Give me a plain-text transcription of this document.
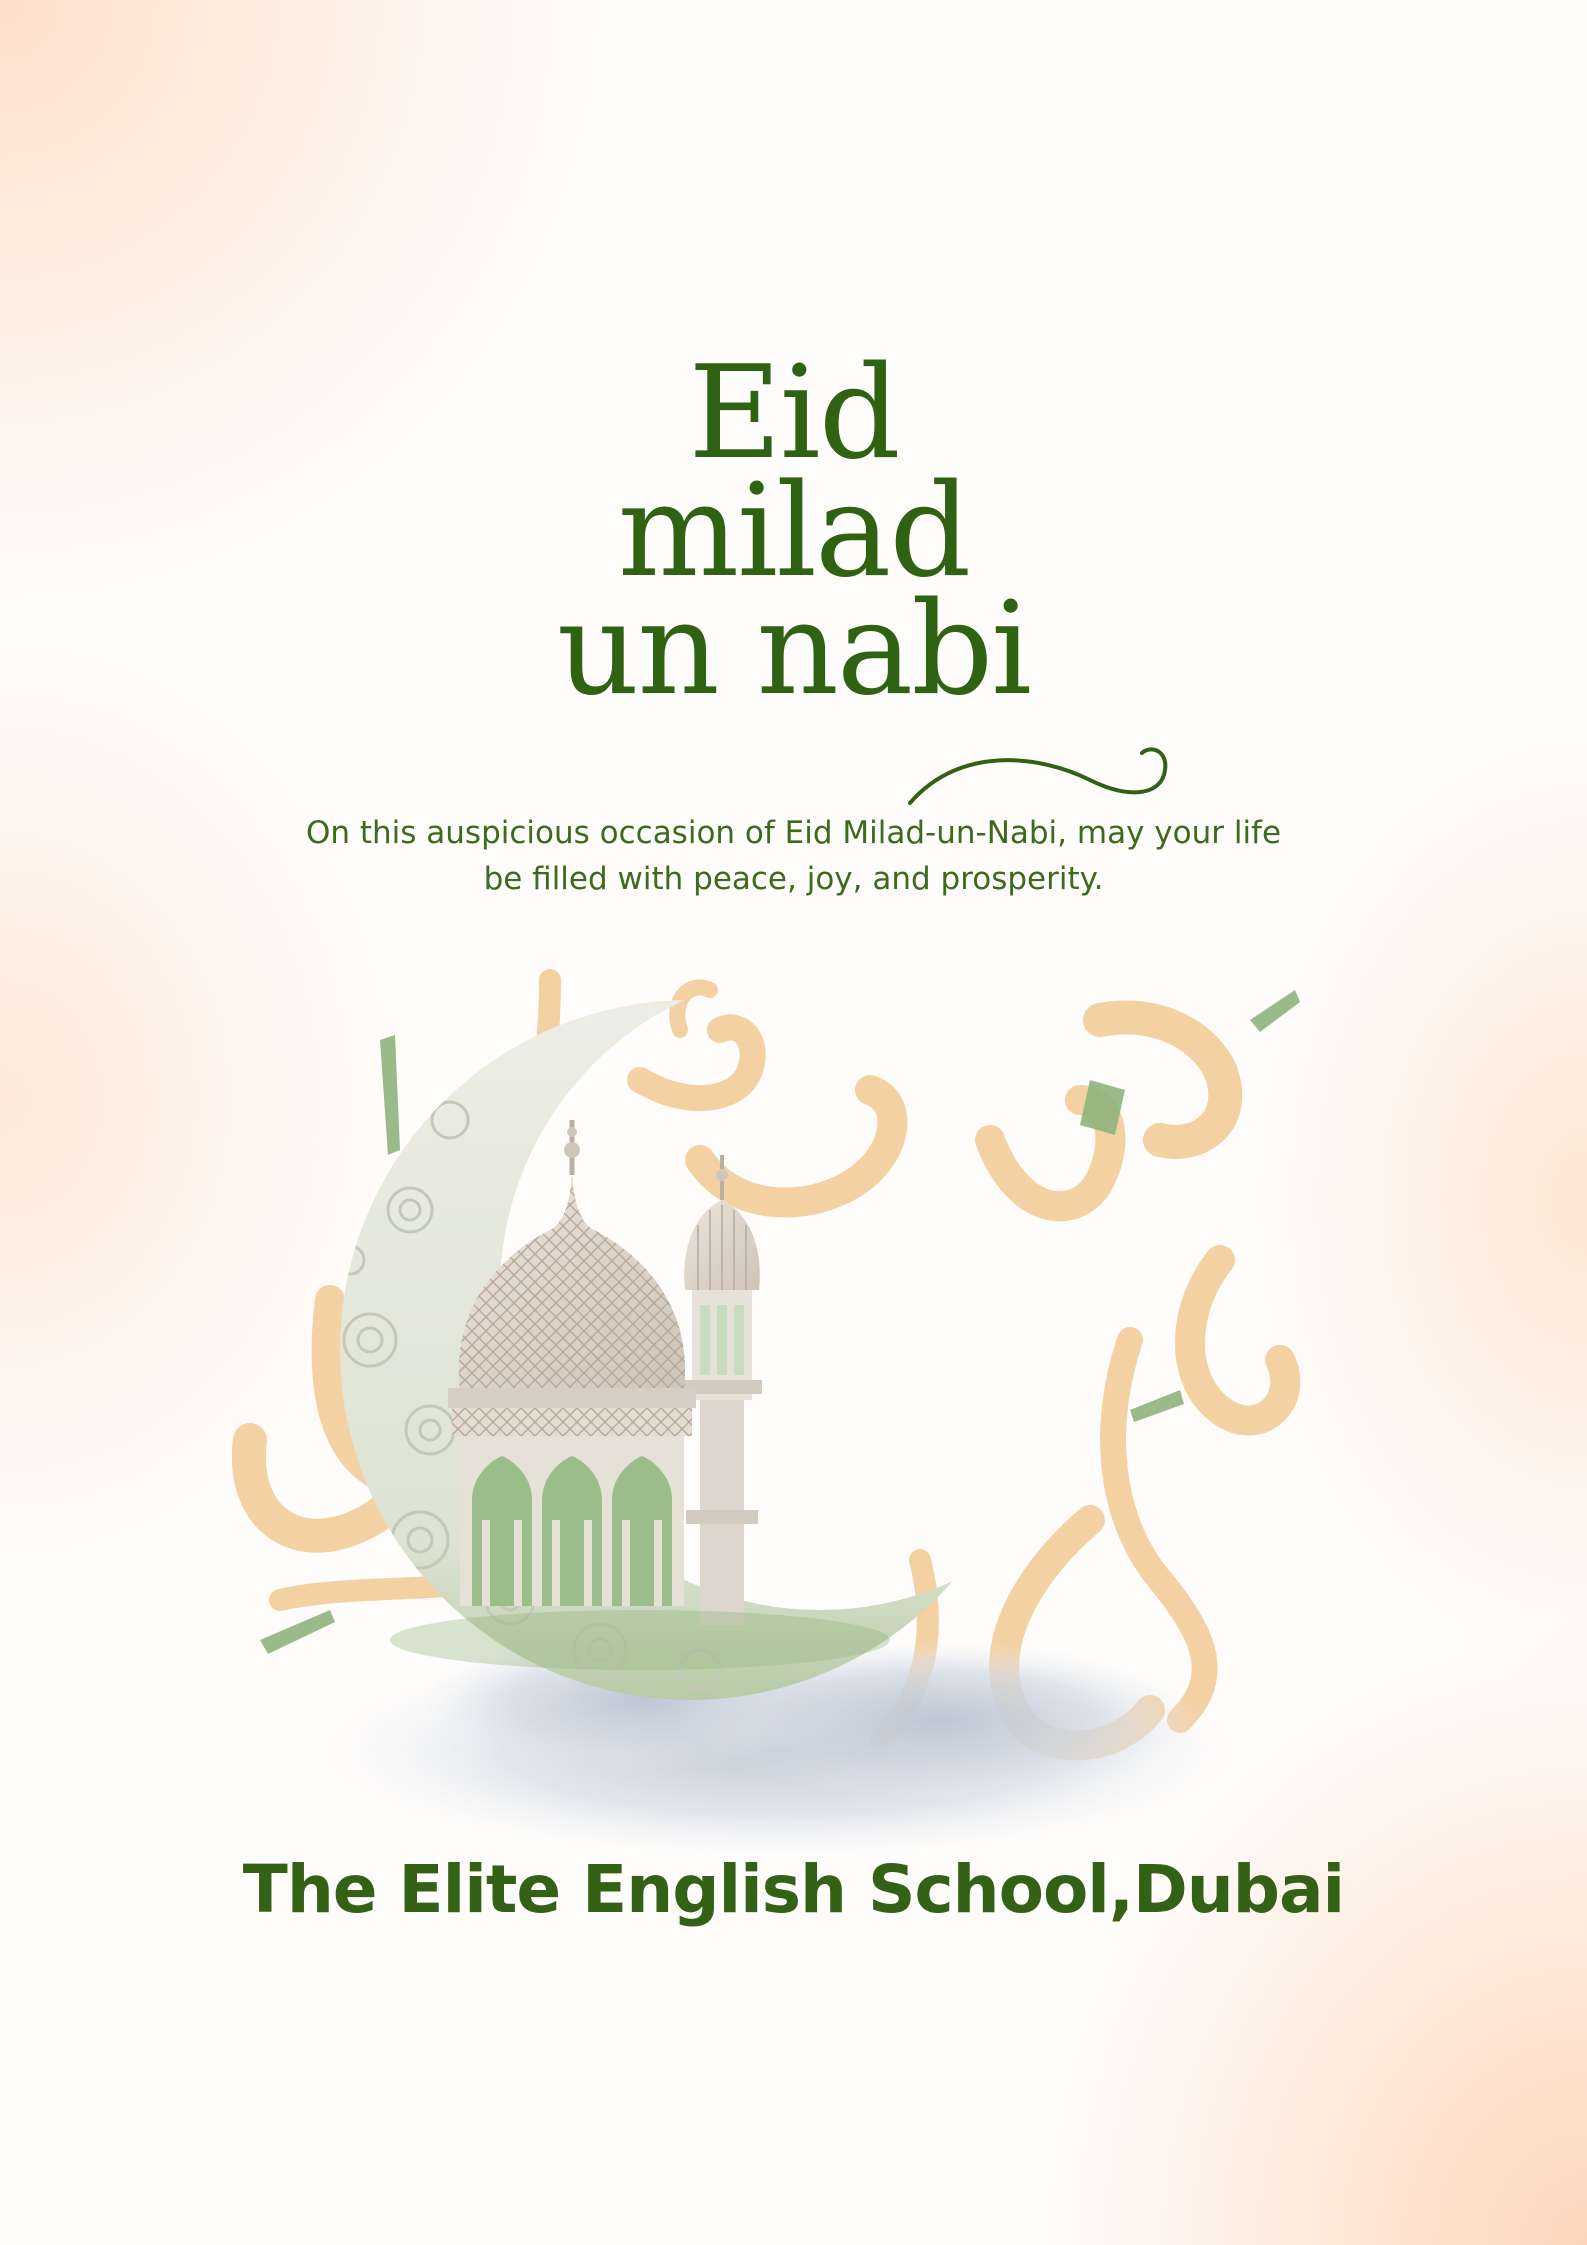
Eid
milad
un nabi
On this auspicious occasion of Eid Milad-un-Nabi, may your life be filled with peace, joy, and prosperity.
The Elite English School,Dubai
